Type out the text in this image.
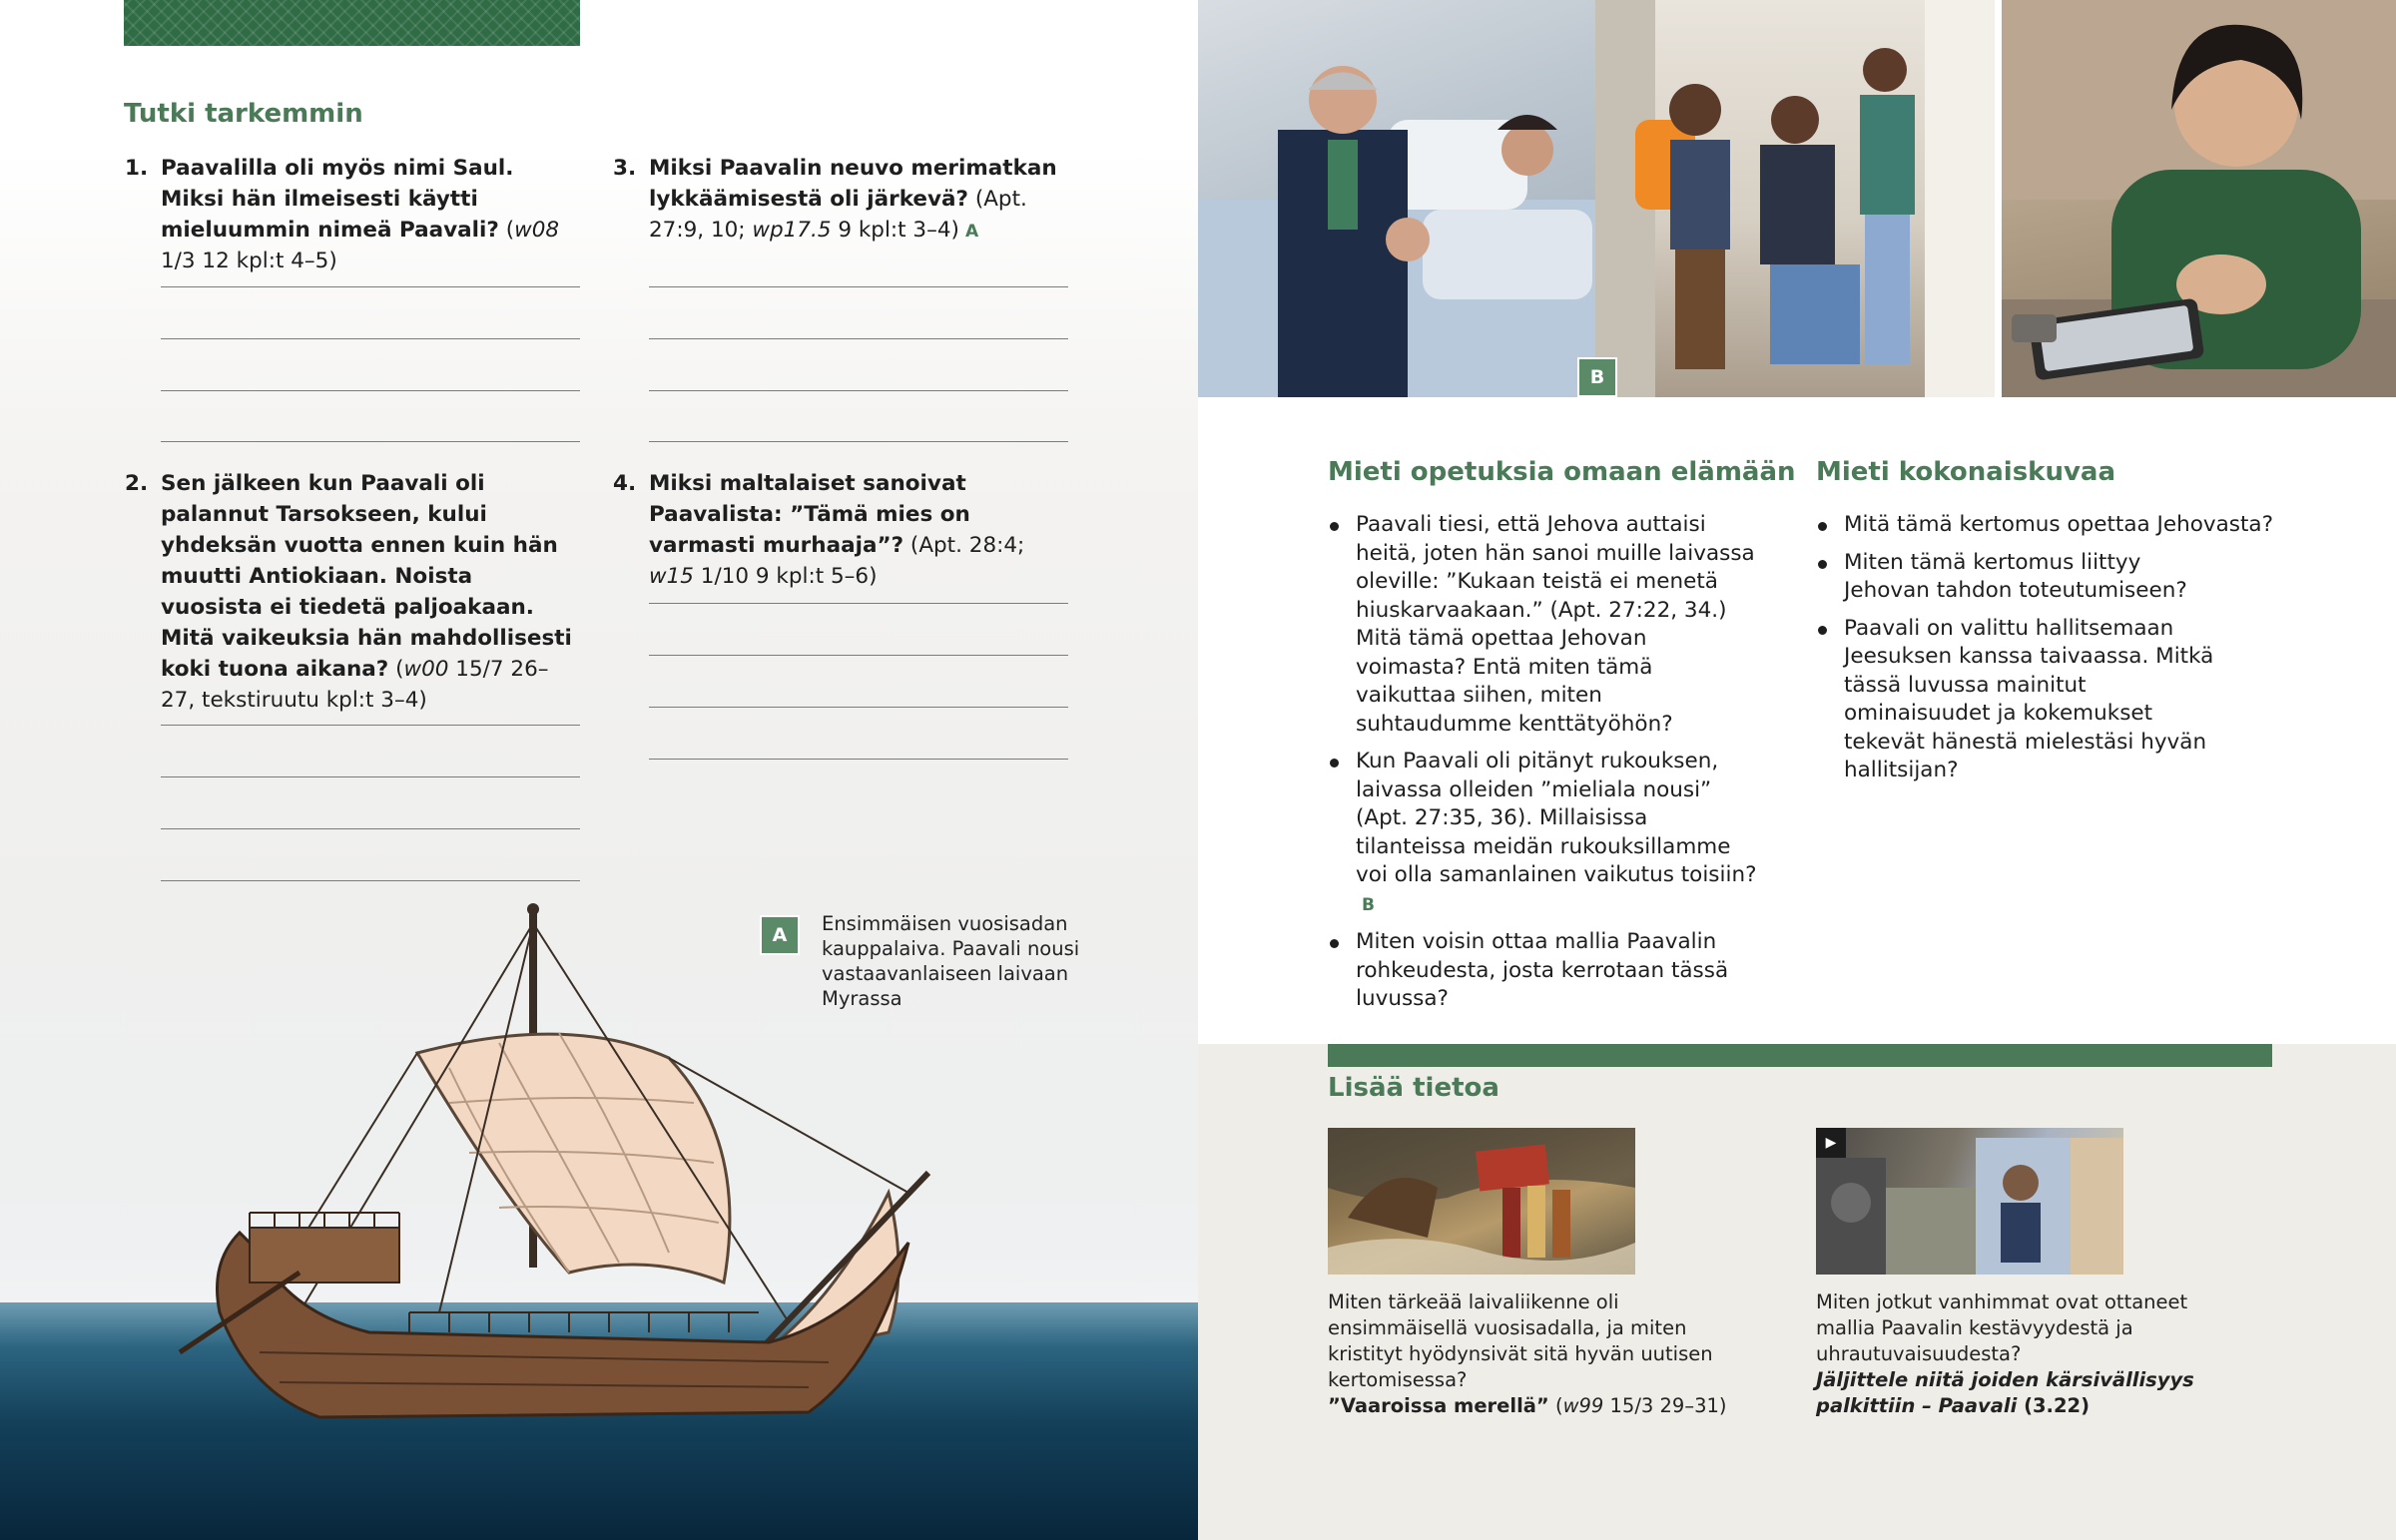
Tutki tarkemmin
1. Paavalilla oli myös nimi Saul. Miksi hän ilmeisesti käytti mieluummin nimeä Paavali? (w08 1/3 12 kpl:t 4–5)
2. Sen jälkeen kun Paavali oli palannut Tarsokseen, kului yhdeksän vuotta ennen kuin hän muutti Antiokiaan. Noista vuosista ei tiedetä paljoakaan. Mitä vaikeuksia hän mahdollisesti koki tuona aikana? (w00 15/7 26–27, tekstiruutu kpl:t 3–4)
3. Miksi Paavalin neuvo merimatkan lykkäämisestä oli järkevä? (Apt. 27:9, 10; wp17.5 9 kpl:t 3–4) A
4. Miksi maltalaiset sanoivat Paavalista: ”Tämä mies on varmasti murhaaja”? (Apt. 28:4; w15 1/10 9 kpl:t 5–6)
A	Ensimmäisen vuosisadan kauppalaiva. Paavali nousi vastaavanlaiseen laivaan Myrassa
B
Mieti opetuksia omaan elämään
Paavali tiesi, että Jehova auttaisi heitä, joten hän sanoi muille laivassa oleville: ”Kukaan teistä ei menetä hiuskarvaakaan.” (Apt. 27:22, 34.) Mitä tämä opettaa Jehovan voimasta? Entä miten tämä vaikuttaa siihen, miten suhtaudumme kenttätyöhön?
Kun Paavali oli pitänyt rukouksen, laivassa olleiden ”mieliala nousi” (Apt. 27:35, 36). Millaisissa tilanteissa meidän rukouksillamme voi olla samanlainen vaikutus toisiin?B
Miten voisin ottaa mallia Paavalin rohkeudesta, josta kerrotaan tässä luvussa?
Mieti kokonaiskuvaa
Mitä tämä kertomus opettaa Jehovasta?
Miten tämä kertomus liittyy Jehovan tahdon toteutumiseen?
Paavali on valittu hallitsemaan Jeesuksen kanssa taivaassa. Mitkä tässä luvussa mainitut ominaisuudet ja kokemukset tekevät hänestä mielestäsi hyvän hallitsijan?
Lisää tietoa
Miten tärkeää laivaliikenne oli ensimmäisellä vuosisadalla, ja miten kristityt hyödynsivät sitä hyvän uutisen kertomisessa?
”Vaaroissa merellä” (w99 15/3 29–31)
▶
Miten jotkut vanhimmat ovat ottaneet mallia Paavalin kestävyydestä ja uhrautuvaisuudesta?
Jäljittele niitä joiden kärsivällisyys palkittiin – Paavali (3.22)
